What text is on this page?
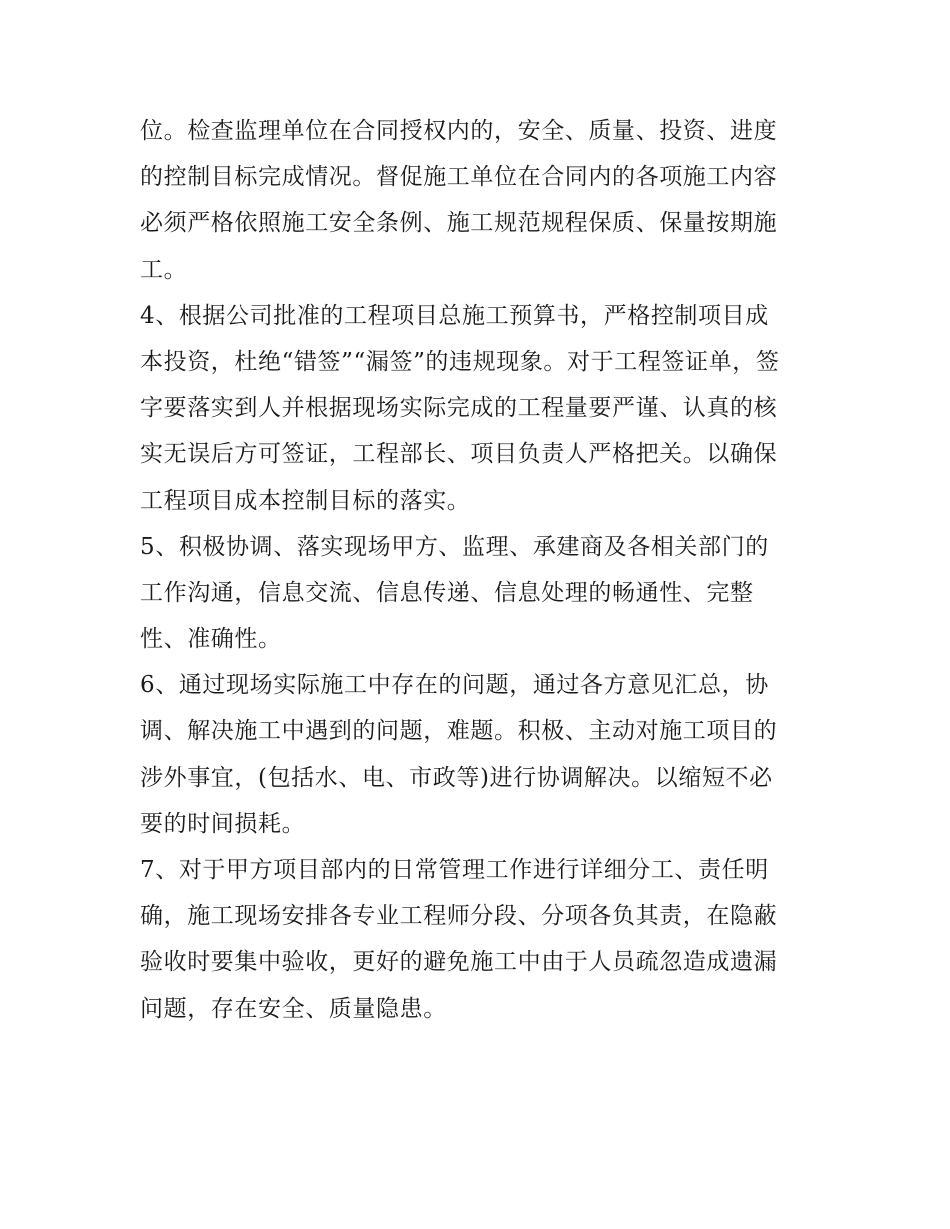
位。检查监理单位在合同授权内的，安全、质量、投资、进度
的控制目标完成情况。督促施工单位在合同内的各项施工内容
必须严格依照施工安全条例、施工规范规程保质、保量按期施
工。

4、根据公司批准的工程项目总施工预算书，严格控制项目成
本投资，杜绝“错签”“漏签”的违规现象。对于工程签证单，签
字要落实到人并根据现场实际完成的工程量要严谨、认真的核
实无误后方可签证，工程部长、项目负责人严格把关。以确保
工程项目成本控制目标的落实。

5、积极协调、落实现场甲方、监理、承建商及各相关部门的
工作沟通，信息交流、信息传递、信息处理的畅通性、完整
性、准确性。

6、通过现场实际施工中存在的问题，通过各方意见汇总，协
调、解决施工中遇到的问题，难题。积极、主动对施工项目的
涉外事宜，(包括水、电、市政等)进行协调解决。以缩短不必
要的时间损耗。

7、对于甲方项目部内的日常管理工作进行详细分工、责任明
确，施工现场安排各专业工程师分段、分项各负其责，在隐蔽
验收时要集中验收，更好的避免施工中由于人员疏忽造成遗漏
问题，存在安全、质量隐患。
